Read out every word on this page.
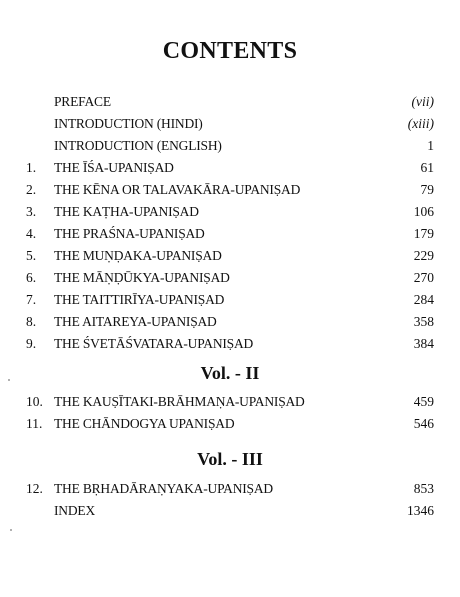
CONTENTS
PREFACE	(vii)
INTRODUCTION (HINDI)	(xiii)
INTRODUCTION (ENGLISH)	1
1.	THE ĪŚA-UPANIṢAD	61
2.	THE KĒNA OR TALAVAKĀRA-UPANIṢAD	79
3.	THE KAṬHA-UPANIṢAD	106
4.	THE PRAŚNA-UPANIṢAD	179
5.	THE MUṆḌAKA-UPANIṢAD	229
6.	THE MĀṆḌŪKYA-UPANIṢAD	270
7.	THE TAITTIRĪYA-UPANIṢAD	284
8.	THE AITAREYA-UPANIṢAD	358
9.	THE ŚVETĀŚVATARA-UPANIṢAD	384
Vol. - II
10. THE KAUṢĪTAKI-BRĀHMAṆA-UPANIṢAD	459
11. THE CHĀNDOGYA UPANIṢAD	546
Vol. - III
12. THE BṚHADĀRAṆYAKA-UPANIṢAD	853
INDEX	1346
